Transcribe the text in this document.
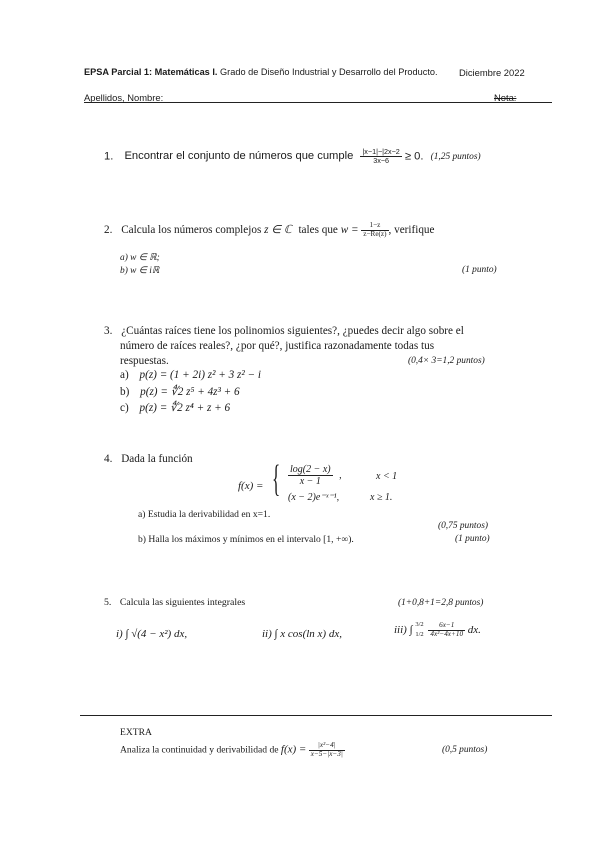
EPSA Parcial 1: Matemáticas I. Grado de Diseño Industrial y Desarrollo del Producto. Diciembre 2022
Apellidos, Nombre:	Nota:
1. Encontrar el conjunto de números que cumple $\frac{|x-1|-|2x-2}{3x-6} \ge 0$. (1,25 puntos)
2. Calcula los números complejos z ∈ ℂ tales que $w = \frac{1-z}{z-Re(z)}$ , verifique
a) w ∈ ℝ;
b) w ∈ iℝ	(1 punto)
3. ¿Cuántas raíces tiene los polinomios siguientes?, ¿puedes decir algo sobre el
número de raíces reales?, ¿por qué?, justifica razonadamente todas tus
respuestas.	(0,4× 3=1,2 puntos)
a) p(z) = (1 + 2i) z² + 3 z² − i
b) p(z) = ∜2 z⁵ + 4z³ + 6
c) p(z) = ∜2 z⁴ + z + 6
4. Dada la función
f(x) = { $\frac{\log(2 - x)}{x - 1}$ ,	x < 1
(x − 2)e⁻ˣ⁻¹,	x ≥ 1.
a) Estudia la derivabilidad en x=1.
(0,75 puntos)
b) Halla los máximos y mínimos en el intervalo [1, +∞).	(1 punto)
5. Calcula las siguientes integrales	(1+0,8+1=2,8 puntos)
i) ∫ √(4 − x²) dx,	ii) ∫ x cos(ln x) dx,	iii) ∫ 3/2
1/2
$\frac{6x-1}{\text{4x²−4x+10}}$ dx.
EXTRA
Analiza la continuidad y derivabilidad de $f(x) = \frac{\text{|x²−4|}}{x-5-|x-3|}$	(0,5 puntos)
